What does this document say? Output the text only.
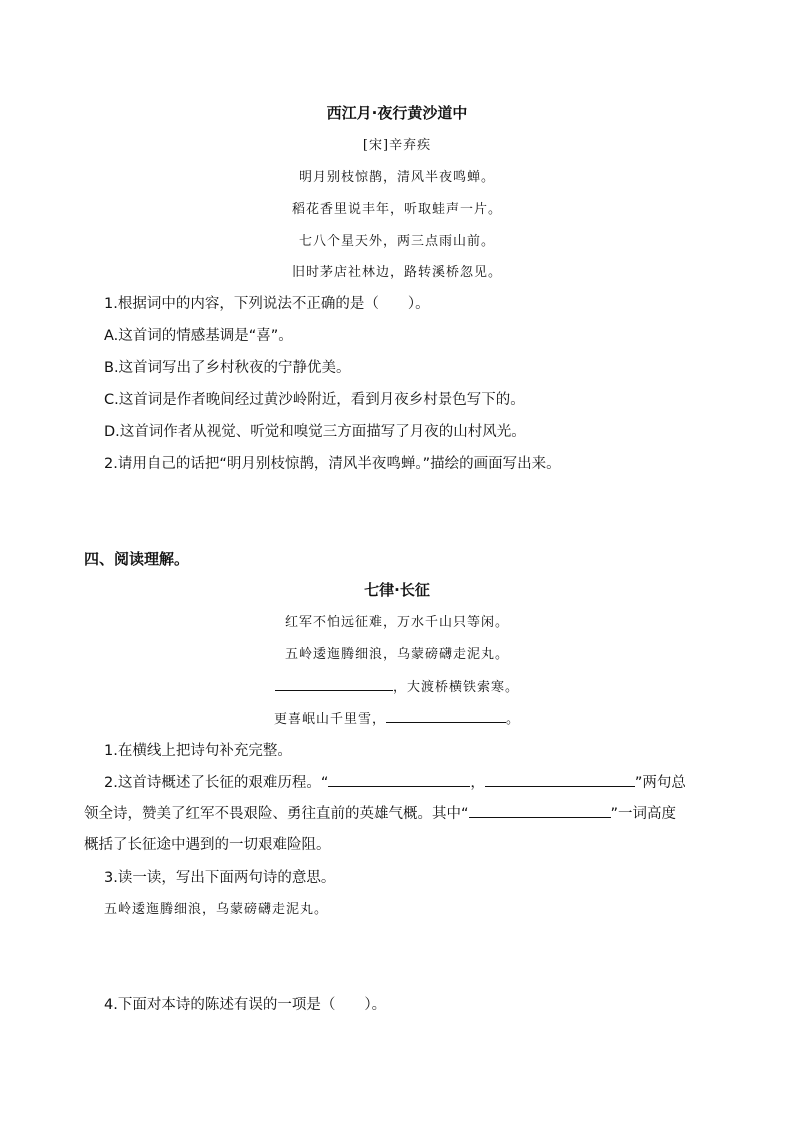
西江月·夜行黄沙道中
[宋]辛弃疾
明月别枝惊鹊，清风半夜鸣蝉。
稻花香里说丰年，听取蛙声一片。
七八个星天外，两三点雨山前。
旧时茅店社林边，路转溪桥忽见。
1.根据词中的内容，下列说法不正确的是（　　）。
A.这首词的情感基调是“喜”。
B.这首词写出了乡村秋夜的宁静优美。
C.这首词是作者晚间经过黄沙岭附近，看到月夜乡村景色写下的。
D.这首词作者从视觉、听觉和嗅觉三方面描写了月夜的山村风光。
2.请用自己的话把“明月别枝惊鹊，清风半夜鸣蝉。”描绘的画面写出来。
四、阅读理解。
七律·长征
红军不怕远征难，万水千山只等闲。
五岭逶迤腾细浪，乌蒙磅礴走泥丸。
，大渡桥横铁索寒。
更喜岷山千里雪，	。
1.在横线上把诗句补充完整。
2.这首诗概述了长征的艰难历程。“	，	”两句总
领全诗，赞美了红军不畏艰险、勇往直前的英雄气概。其中“	”一词高度
概括了长征途中遇到的一切艰难险阻。
3.读一读，写出下面两句诗的意思。
五岭逶迤腾细浪，乌蒙磅礴走泥丸。
4.下面对本诗的陈述有误的一项是（　　）。
